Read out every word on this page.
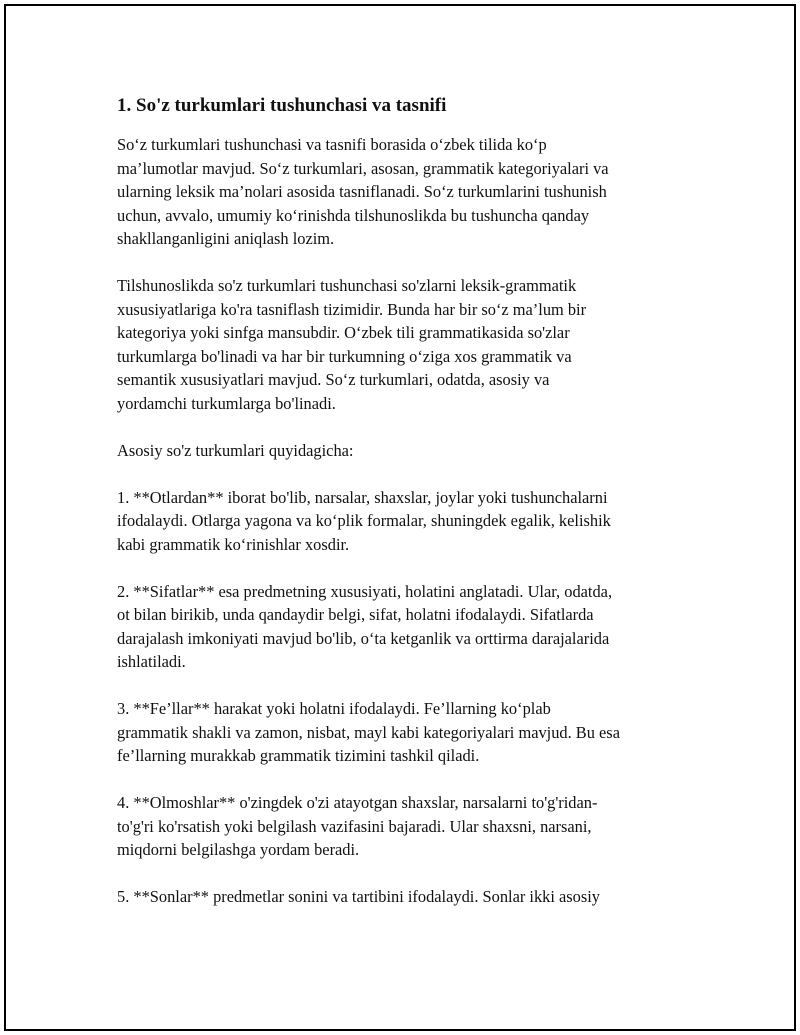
1. So'z turkumlari tushunchasi va tasnifi

So‘z turkumlari tushunchasi va tasnifi borasida o‘zbek tilida ko‘p
ma’lumotlar mavjud. So‘z turkumlari, asosan, grammatik kategoriyalari va
ularning leksik ma’nolari asosida tasniflanadi. So‘z turkumlarini tushunish
uchun, avvalo, umumiy ko‘rinishda tilshunoslikda bu tushuncha qanday
shakllanganligini aniqlash lozim.

Tilshunoslikda so'z turkumlari tushunchasi so'zlarni leksik-grammatik
xususiyatlariga ko'ra tasniflash tizimidir. Bunda har bir so‘z ma’lum bir
kategoriya yoki sinfga mansubdir. O‘zbek tili grammatikasida so'zlar
turkumlarga bo'linadi va har bir turkumning o‘ziga xos grammatik va
semantik xususiyatlari mavjud. So‘z turkumlari, odatda, asosiy va
yordamchi turkumlarga bo'linadi.

Asosiy so'z turkumlari quyidagicha:

1. **Otlardan** iborat bo'lib, narsalar, shaxslar, joylar yoki tushunchalarni
ifodalaydi. Otlarga yagona va ko‘plik formalar, shuningdek egalik, kelishik
kabi grammatik ko‘rinishlar xosdir.

2. **Sifatlar** esa predmetning xususiyati, holatini anglatadi. Ular, odatda,
ot bilan birikib, unda qandaydir belgi, sifat, holatni ifodalaydi. Sifatlarda
darajalash imkoniyati mavjud bo'lib, o‘ta ketganlik va orttirma darajalarida
ishlatiladi.

3. **Fe’llar** harakat yoki holatni ifodalaydi. Fe’llarning ko‘plab
grammatik shakli va zamon, nisbat, mayl kabi kategoriyalari mavjud. Bu esa
fe’llarning murakkab grammatik tizimini tashkil qiladi.

4. **Olmoshlar** o'zingdek o'zi atayotgan shaxslar, narsalarni to'g'ridan-
to'g'ri ko'rsatish yoki belgilash vazifasini bajaradi. Ular shaxsni, narsani,
miqdorni belgilashga yordam beradi.

5. **Sonlar** predmetlar sonini va tartibini ifodalaydi. Sonlar ikki asosiy
